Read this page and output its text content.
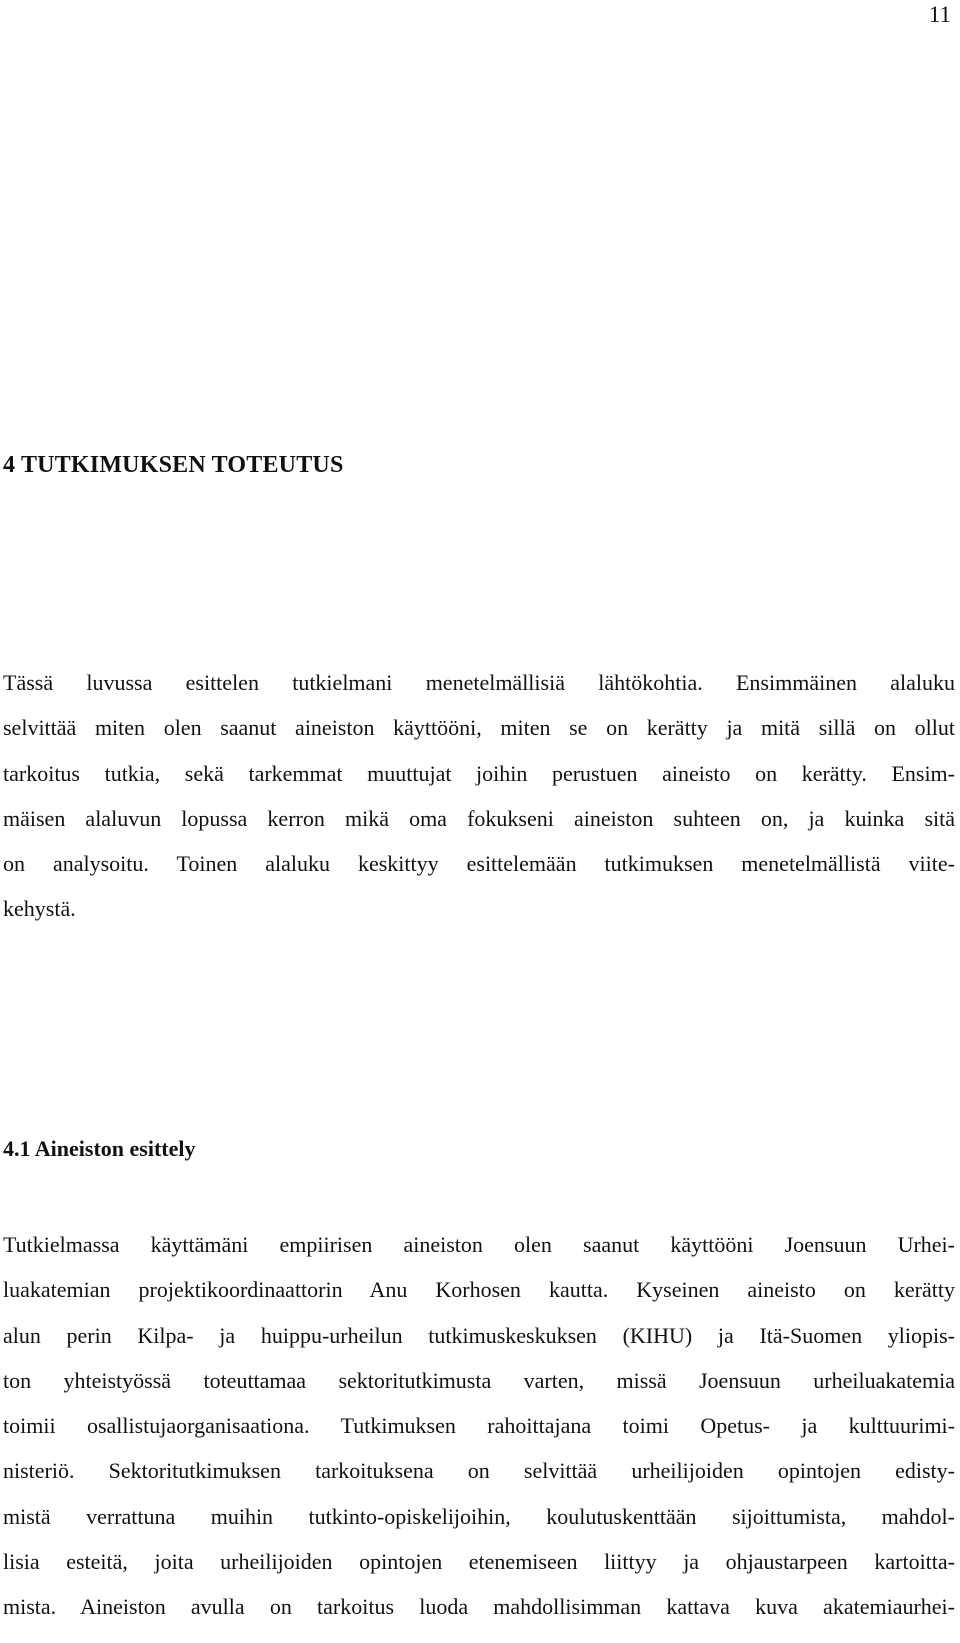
11
4 TUTKIMUKSEN TOTEUTUS
Tässä luvussa esittelen tutkielmani menetelmällisiä lähtökohtia. Ensimmäinen alaluku
selvittää miten olen saanut aineiston käyttööni, miten se on kerätty ja mitä sillä on ollut
tarkoitus tutkia, sekä tarkemmat muuttujat joihin perustuen aineisto on kerätty. Ensim-
mäisen alaluvun lopussa kerron mikä oma fokukseni aineiston suhteen on, ja kuinka sitä
on analysoitu. Toinen alaluku keskittyy esittelemään tutkimuksen menetelmällistä viite-
kehystä.
4.1 Aineiston esittely
Tutkielmassa käyttämäni empiirisen aineiston olen saanut käyttööni Joensuun Urhei-
luakatemian projektikoordinaattorin Anu Korhosen kautta. Kyseinen aineisto on kerätty
alun perin Kilpa- ja huippu-urheilun tutkimuskeskuksen (KIHU) ja Itä-Suomen yliopis-
ton yhteistyössä toteuttamaa sektoritutkimusta varten, missä Joensuun urheiluakatemia
toimii osallistujaorganisaationa. Tutkimuksen rahoittajana toimi Opetus- ja kulttuurimi-
nisteriö. Sektoritutkimuksen tarkoituksena on selvittää urheilijoiden opintojen edisty-
mistä verrattuna muihin tutkinto-opiskelijoihin, koulutuskenttään sijoittumista, mahdol-
lisia esteitä, joita urheilijoiden opintojen etenemiseen liittyy ja ohjaustarpeen kartoitta-
mista. Aineiston avulla on tarkoitus luoda mahdollisimman kattava kuva akatemiaurhei-
